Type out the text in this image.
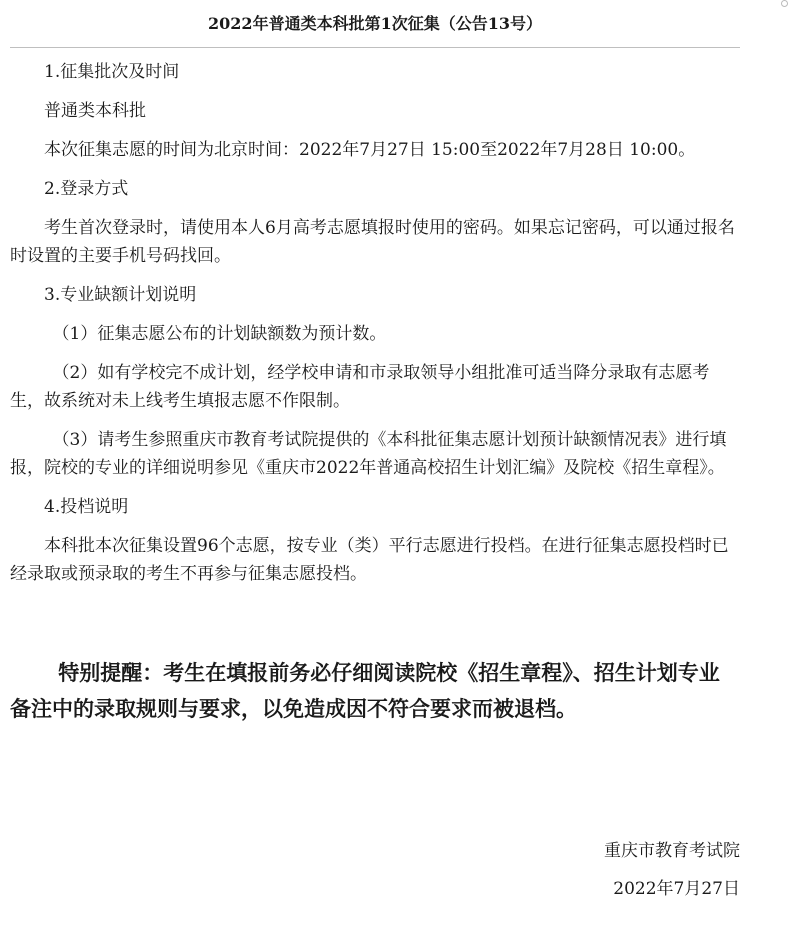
2022年普通类本科批第1次征集（公告13号）

1.征集批次及时间

普通类本科批

本次征集志愿的时间为北京时间：2022年7月27日 15:00至2022年7月28日 10:00。

2.登录方式

考生首次登录时，请使用本人6月高考志愿填报时使用的密码。如果忘记密码，可以通过报名时设置的主要手机号码找回。

3.专业缺额计划说明

（1）征集志愿公布的计划缺额数为预计数。

（2）如有学校完不成计划，经学校申请和市录取领导小组批准可适当降分录取有志愿考生，故系统对未上线考生填报志愿不作限制。

（3）请考生参照重庆市教育考试院提供的《本科批征集志愿计划预计缺额情况表》进行填报，院校的专业的详细说明参见《重庆市2022年普通高校招生计划汇编》及院校《招生章程》。

4.投档说明

本科批本次征集设置96个志愿，按专业（类）平行志愿进行投档。在进行征集志愿投档时已经录取或预录取的考生不再参与征集志愿投档。

特别提醒：考生在填报前务必仔细阅读院校《招生章程》、招生计划专业备注中的录取规则与要求，以免造成因不符合要求而被退档。

重庆市教育考试院

2022年7月27日
